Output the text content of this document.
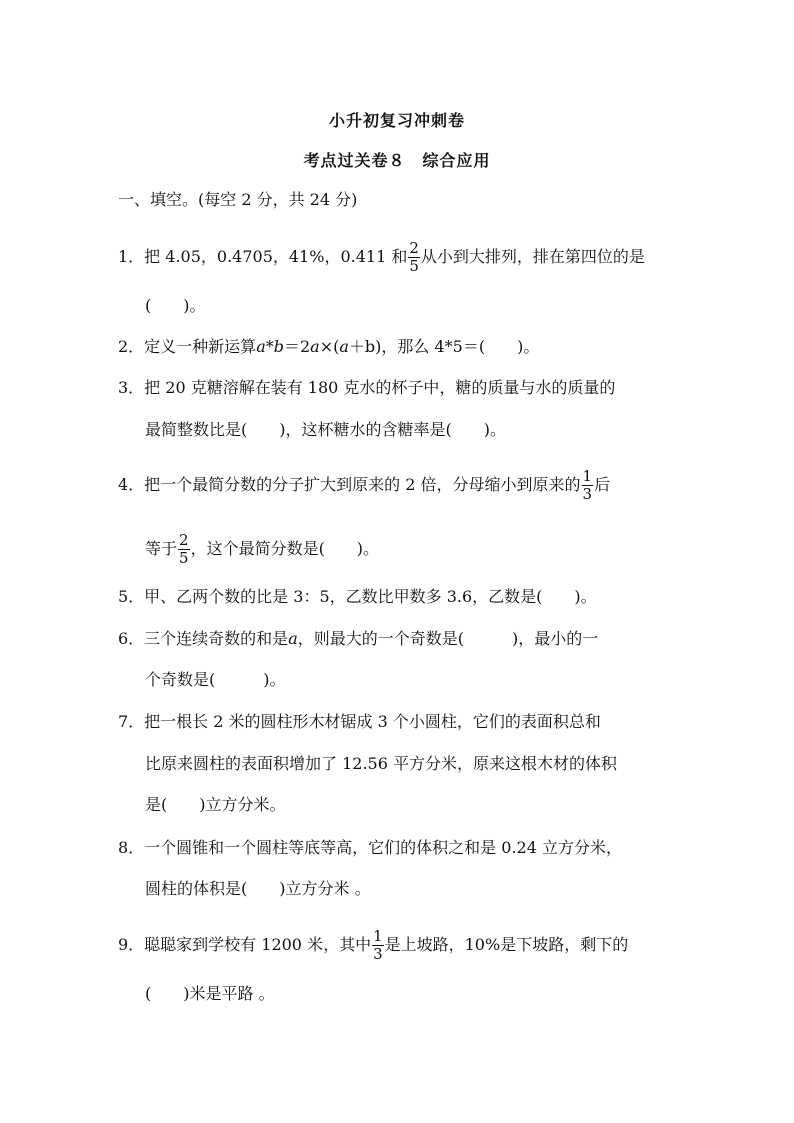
小升初复习冲刺卷
考点过关卷８　综合应用
一、填空。(每空 2 分，共 24 分)
1．把 4.05，0.4705，41%，0.411 和 $\frac{2}{5}$ 从小到大排列，排在第四位的是
(　　)。
2．定义一种新运算a*b＝2a×(a＋b)，那么 4*5＝(　　)。
3．把 20 克糖溶解在装有 180 克水的杯子中，糖的质量与水的质量的
最简整数比是(　　)，这杯糖水的含糖率是(　　)。
4．把一个最简分数的分子扩大到原来的 2 倍，分母缩小到原来的 $\frac{1}{3}$ 后
等于 $\frac{2}{5}$ ，这个最简分数是(　　)。
5．甲、乙两个数的比是 3：5，乙数比甲数多 3.6，乙数是(　　)。
6．三个连续奇数的和是a，则最大的一个奇数是(　　　)，最小的一
个奇数是(　　　)。
7．把一根长 2 米的圆柱形木材锯成 3 个小圆柱，它们的表面积总和
比原来圆柱的表面积增加了 12.56 平方分米，原来这根木材的体积
是(　　)立方分米。
8．一个圆锥和一个圆柱等底等高，它们的体积之和是 0.24 立方分米，
圆柱的体积是(　　)立方分米 。
9．聪聪家到学校有 1200 米，其中 $\frac{1}{3}$ 是上坡路，10%是下坡路，剩下的
(　　)米是平路 。
